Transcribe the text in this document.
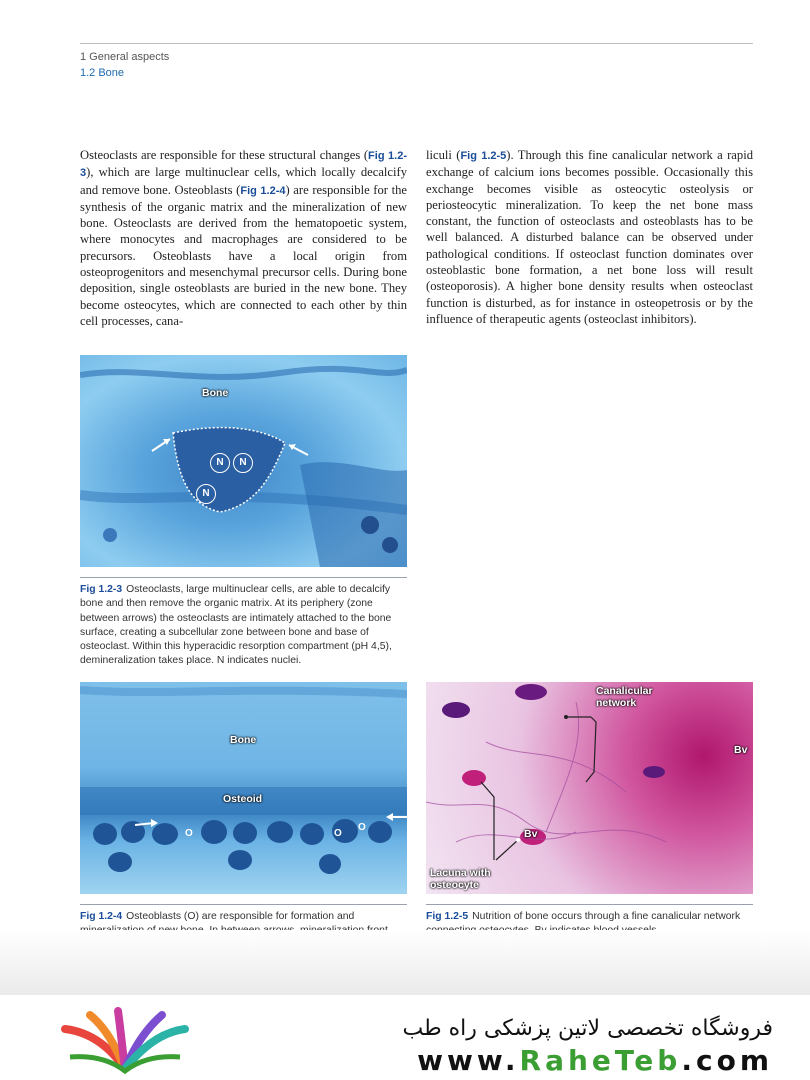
1 General aspects
1.2 Bone
Osteoclasts are responsible for these structural changes (Fig 1.2-3), which are large multinuclear cells, which locally decalcify and remove bone. Osteoblasts (Fig 1.2-4) are responsible for the synthesis of the organic matrix and the mineralization of new bone. Osteoclasts are derived from the hematopoetic system, where monocytes and macrophages are considered to be precursors. Osteoblasts have a local origin from osteoprogenitors and mesenchymal precursor cells. During bone deposition, single osteoblasts are buried in the new bone. They become osteocytes, which are connected to each other by thin cell processes, cana-
liculi (Fig 1.2-5). Through this fine canalicular network a rapid exchange of calcium ions becomes possible. Occasionally this exchange becomes visible as osteocytic osteolysis or periosteocytic mineralization. To keep the net bone mass constant, the function of osteoclasts and osteoblasts has to be well balanced. A disturbed balance can be observed under pathological conditions. If osteoclast function dominates over osteoblastic bone formation, a net bone loss will result (osteoporosis). A higher bone density results when osteoclast function is disturbed, as for instance in osteopetrosis or by the influence of therapeutic agents (osteoclast inhibitors).
Bone
N	N
N
Fig 1.2-3 Osteoclasts, large multinuclear cells, are able to decalcify bone and then remove the organic matrix. At its periphery (zone between arrows) the osteoclasts are intimately attached to the bone surface, creating a subcellular zone between bone and base of osteoclast. Within this hyperacidic resorption compartment (pH 4,5), demineralization takes place. N indicates nuclei.
Bone
Osteoid
O	O
O
Fig 1.2-4 Osteoblasts (O) are responsible for formation and
Canalicular network
Bv
Bv
Lacuna with osteocyte
Fig 1.2-5 Nutrition of bone occurs through a fine canalicular network
فروشگاه تخصصی لاتین پزشکی راه طب
www.RaheTeb.com
